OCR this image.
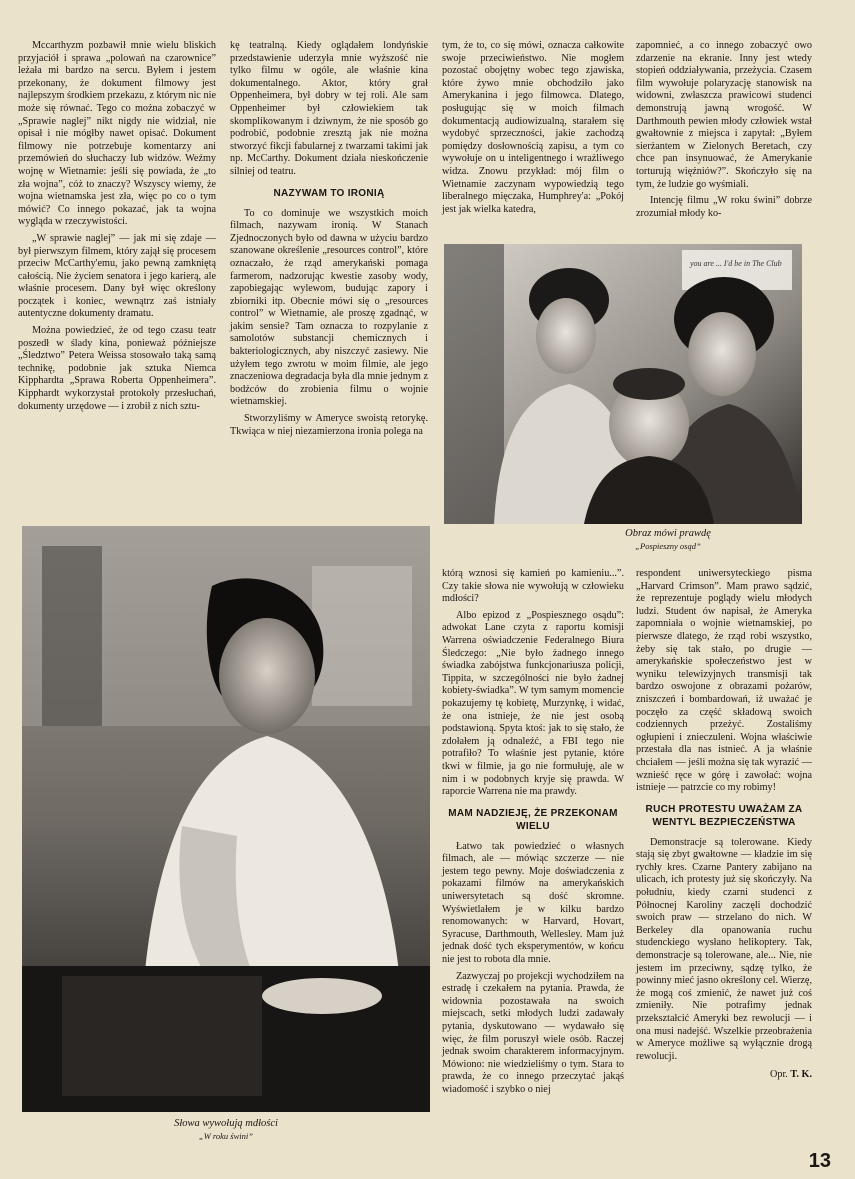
Mccarthyzm pozbawił mnie wielu bliskich przyjaciół i sprawa „polowań na czarownice” leżała mi bardzo na sercu. Byłem i jestem przekonany, że dokument filmowy jest najlepszym środkiem przekazu, z którym nic nie może się równać. Tego co można zobaczyć w „Sprawie naglej” nikt nigdy nie widział, nie opisał i nie mógłby nawet opisać. Dokument filmowy nie potrzebuje komentarzy ani przemówień do słuchaczy lub widzów. Weźmy wojnę w Wietnamie: jeśli się powiada, że „to zła wojna”, cóż to znaczy? Wszyscy wiemy, że wojna wietnamska jest zła, więc po co o tym mówić? Co innego pokazać, jak ta wojna wygląda w rzeczywistości.

„W sprawie naglej” — jak mi się zdaje — był pierwszym filmem, który zajął się procesem przeciw McCarthy'emu, jako pewną zamkniętą całością. Nie życiem senatora i jego karierą, ale właśnie procesem. Dany był więc określony początek i koniec, wewnątrz zaś istniały autentyczne dokumenty dramatu.

Można powiedzieć, że od tego czasu teatr poszedł w ślady kina, ponieważ późniejsze „Śledztwo” Petera Weissa stosowało taką samą technikę, podobnie jak sztuka Niemca Kipphardta „Sprawa Roberta Oppenheimera”. Kipphardt wykorzystał protokoły przesłuchań, dokumenty urzędowe — i zrobił z nich sztu-

kę teatralną. Kiedy oglądałem londyńskie przedstawienie uderzyła mnie wyższość nie tylko filmu w ogóle, ale właśnie kina dokumentalnego. Aktor, który grał Oppenheimera, był dobry w tej roli. Ale sam Oppenheimer był człowiekiem tak skomplikowanym i dziwnym, że nie sposób go podrobić, podobnie zresztą jak nie można stworzyć fikcji fabularnej z twarzami takimi jak np. McCarthy. Dokument działa nieskończenie silniej od teatru.

NAZYWAM TO IRONIĄ

To co dominuje we wszystkich moich filmach, nazywam ironią. W Stanach Zjednoczonych było od dawna w użyciu bardzo szanowane określenie „resources control”, które oznaczało, że rząd amerykański pomaga farmerom, nadzorując kwestie zasoby wody, zapobiegając wylewom, budując zapory i zbiorniki itp. Obecnie mówi się o „resources control” w Wietnamie, ale proszę zgadnąć, w jakim sensie? Tam oznacza to rozpylanie z samolotów substancji chemicznych i bakteriologicznych, aby niszczyć zasiewy. Nie użyłem tego zwrotu w moim filmie, ale jego znaczeniowa degradacja była dla mnie jednym z bodźców do zrobienia filmu o wojnie wietnamskiej.

Stworzyliśmy w Ameryce swoistą retorykę. Tkwiąca w niej niezamierzona ironia polega na

tym, że to, co się mówi, oznacza całkowite swoje przeciwieństwo. Nie mogłem pozostać obojętny wobec tego zjawiska, które żywo mnie obchodziło jako Amerykanina i jego filmowca. Dlatego, posługując się w moich filmach dokumentacją audiowizualną, starałem się wydobyć sprzeczności, jakie zachodzą pomiędzy dosłownością zapisu, a tym co wywołuje on u inteligentnego i wrażliwego widza. Znowu przykład: mój film o Wietnamie zaczynam wypowiedzią tego liberalnego mięczaka, Humphrey'a: „Pokój jest jak wielka katedra,

zapomnieć, a co innego zobaczyć owo zdarzenie na ekranie. Inny jest wtedy stopień oddziaływania, przeżycia. Czasem film wywołuje polaryzację stanowisk na widowni, zwłaszcza prawicowi studenci demonstrują jawną wrogość. W Darthmouth pewien młody człowiek wstał gwałtownie z miejsca i zapytał: „Byłem sierżantem w Zielonych Beretach, czy chce pan insynuować, że Amerykanie torturują więźniów?”. Skończyło się na tym, że ludzie go wyśmiali.

Intencję filmu „W roku świni” dobrze zrozumiał młody ko-

you are ... I'd be in The Club
Obraz mówi prawdę
„Pospieszny osąd”
Słowa wywołują mdłości
„W roku świni”

którą wznosi się kamień po kamieniu...”. Czy takie słowa nie wywołują w człowieku mdłości?

Albo epizod z „Pospiesznego osądu”: adwokat Lane czyta z raportu komisji Warrena oświadczenie Federalnego Biura Śledczego: „Nie było żadnego innego świadka zabójstwa funkcjonariusza policji, Tippita, w szczególności nie było żadnej kobiety-świadka”. W tym samym momencie pokazujemy tę kobietę, Murzynkę, i widać, że ona istnieje, że nie jest osobą podstawioną. Spyta ktoś: jak to się stało, że zdołałem ją odnaleźć, a FBI tego nie potrafiło? To właśnie jest pytanie, które tkwi w filmie, ja go nie formułuję, ale w nim i w podobnych kryje się prawda. W raporcie Warrena nie ma prawdy.

MAM NADZIEJĘ, ŻE PRZEKONAM WIELU

Łatwo tak powiedzieć o własnych filmach, ale — mówiąc szczerze — nie jestem tego pewny. Moje doświadczenia z pokazami filmów na amerykańskich uniwersytetach są dość skromne. Wyświetlałem je w kilku bardzo renomowanych: w Harvard, Hovart, Syracuse, Darthmouth, Wellesley. Mam już jednak dość tych eksperymentów, w końcu nie jest to robota dla mnie.

Zazwyczaj po projekcji wychodziłem na estradę i czekałem na pytania. Prawda, że widownia pozostawała na swoich miejscach, setki młodych ludzi zadawały pytania, dyskutowano — wydawało się więc, że film poruszył wiele osób. Raczej jednak swoim charakterem informacyjnym. Mówiono: nie wiedzieliśmy o tym. Stara to prawda, że co innego przeczytać jakąś wiadomość i szybko o niej

respondent uniwersyteckiego pisma „Harvard Crimson”. Mam prawo sądzić, że reprezentuje poglądy wielu młodych ludzi. Student ów napisał, że Ameryka zapomniała o wojnie wietnamskiej, po pierwsze dlatego, że rząd robi wszystko, żeby się tak stało, po drugie — amerykańskie społeczeństwo jest w wyniku telewizyjnych transmisji tak bardzo oswojone z obrazami pożarów, zniszczeń i bombardowań, iż uważać je poczęło za część składową swoich codziennych przeżyć. Zostaliśmy ogłupieni i znieczuleni. Wojna właściwie przestała dla nas istnieć. A ja właśnie chciałem — jeśli można się tak wyrazić — wznieść ręce w górę i zawołać: wojna istnieje — patrzcie co my robimy!

RUCH PROTESTU UWAŻAM ZA WENTYL BEZPIECZEŃSTWA

Demonstracje są tolerowane. Kiedy stają się zbyt gwałtowne — kładzie im się rychły kres. Czarne Pantery zabijano na ulicach, ich protesty już się skończyły. Na południu, kiedy czarni studenci z Północnej Karoliny zaczęli dochodzić swoich praw — strzelano do nich. W Berkeley dla opanowania ruchu studenckiego wysłano helikoptery. Tak, demonstracje są tolerowane, ale... Nie, nie jestem im przeciwny, sądzę tylko, że powinny mieć jasno określony cel. Wierzę, że mogą coś zmienić, że nawet już coś zmieniły. Nie potrafimy jednak przekształcić Ameryki bez rewolucji — i ona musi nadejść. Wszelkie przeobrażenia w Ameryce możliwe są wyłącznie drogą rewolucji.

Opr. T. K.
13
